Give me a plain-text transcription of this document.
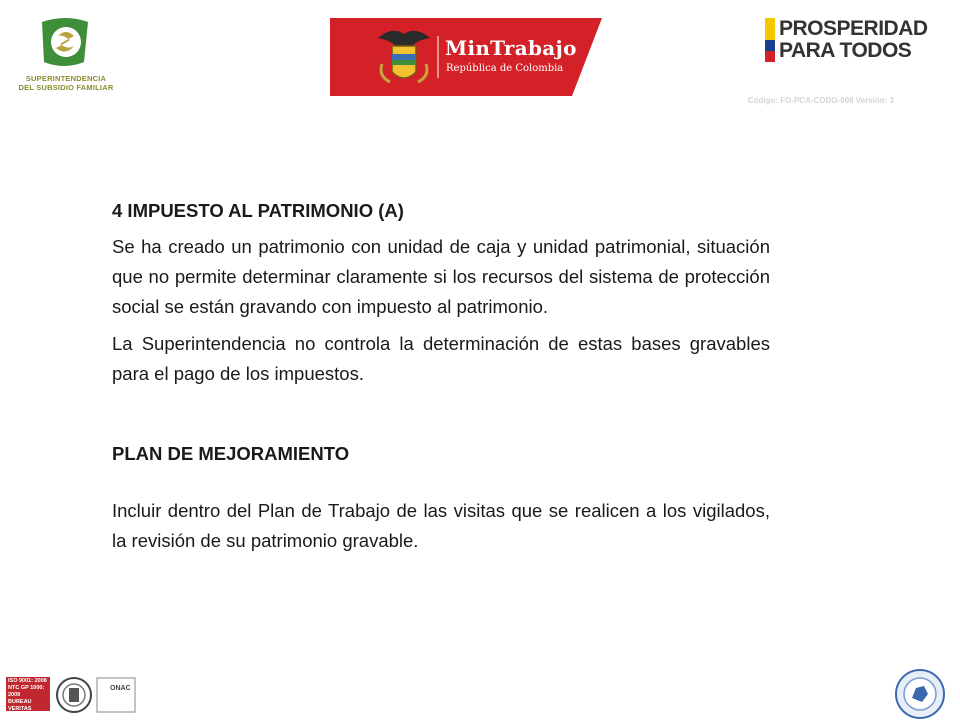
SUPERINTENDENCIA
DEL SUBSIDIO FAMILIAR
MinTrabajo
República de Colombia
PROSPERIDAD
PARA TODOS
Código: FO-PCA-CODO-008 Versión: 3

4 IMPUESTO AL PATRIMONIO (A)

Se ha creado un patrimonio con unidad de caja y unidad patrimonial, situación que no permite determinar claramente si los recursos del sistema de protección social se están gravando con impuesto al patrimonio.

La Superintendencia no controla la determinación de estas bases gravables para el pago de los impuestos.

PLAN DE MEJORAMIENTO

Incluir dentro del Plan de Trabajo de las visitas que se realicen a los vigilados, la revisión de su patrimonio gravable.

ISO 9001: 2008
NTC GP 1000: 2009
BUREAU VERITAS
Certification
ONAC
